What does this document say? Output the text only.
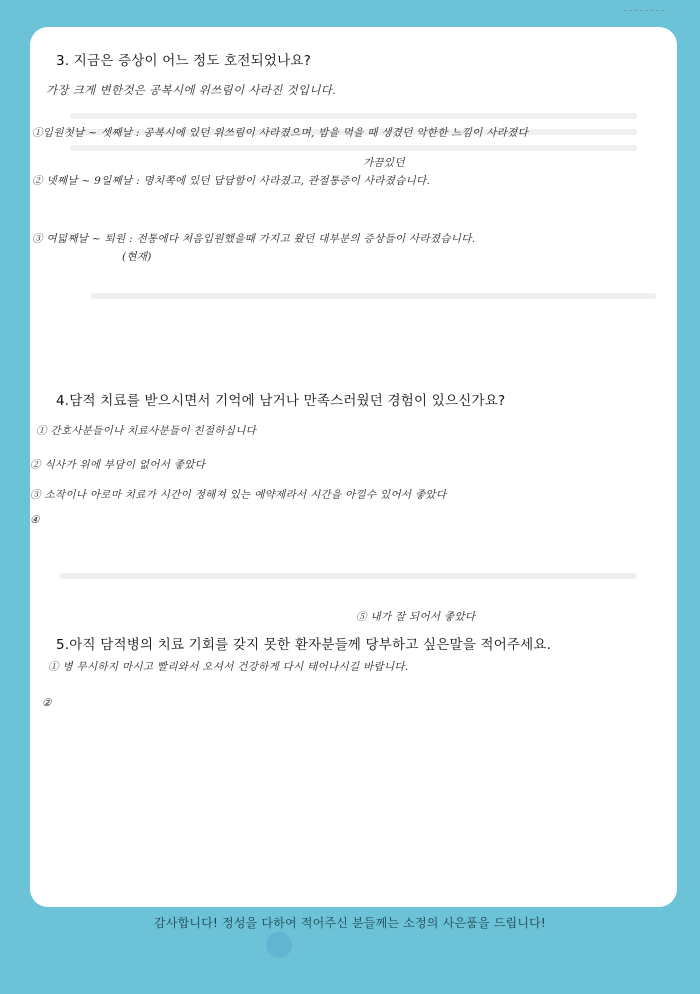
3. 지금은 증상이 어느 정도 호전되었나요?
가장 크게 변한것은 공복시에 위쓰림이 사라진 것입니다.
①입원첫날 ~ 셋째날 : 공복시에 있던 위쓰림이 사라졌으며, 밥을 먹을 때 생겼던 악한한 느낌이 사라졌다
가끔있던
② 넷째날 ~ 9일째날 : 명치쪽에 있던 답답함이 사라졌고, 관절통증이 사라졌습니다.
③ 여덟째날 ~ 퇴원 : 전통에다 처음입원했을때 가지고 왔던 대부분의 증상들이 사라졌습니다.
(현재)
4.담적 치료를 받으시면서 기억에 남거나 만족스러웠던 경험이 있으신가요?
① 간호사분들이나 치료사분들이 친절하십니다
② 식사가 위에 부담이 없어서 좋았다
③ 소작이나 아로마 치료가 시간이 정해져 있는 예약제라서 시간을 아낄수 있어서 좋았다
④
⑤ 내가 잘 되어서 좋았다
5.아직 담적병의 치료 기회를 갖지 못한 환자분들께 당부하고 싶은말을 적어주세요.
① 병 무시하지 마시고 빨리와서 오셔서 건강하게 다시 태어나시길 바랍니다.
②
감사합니다! 정성을 다하여 적어주신 분들께는 소정의 사은품을 드립니다!
